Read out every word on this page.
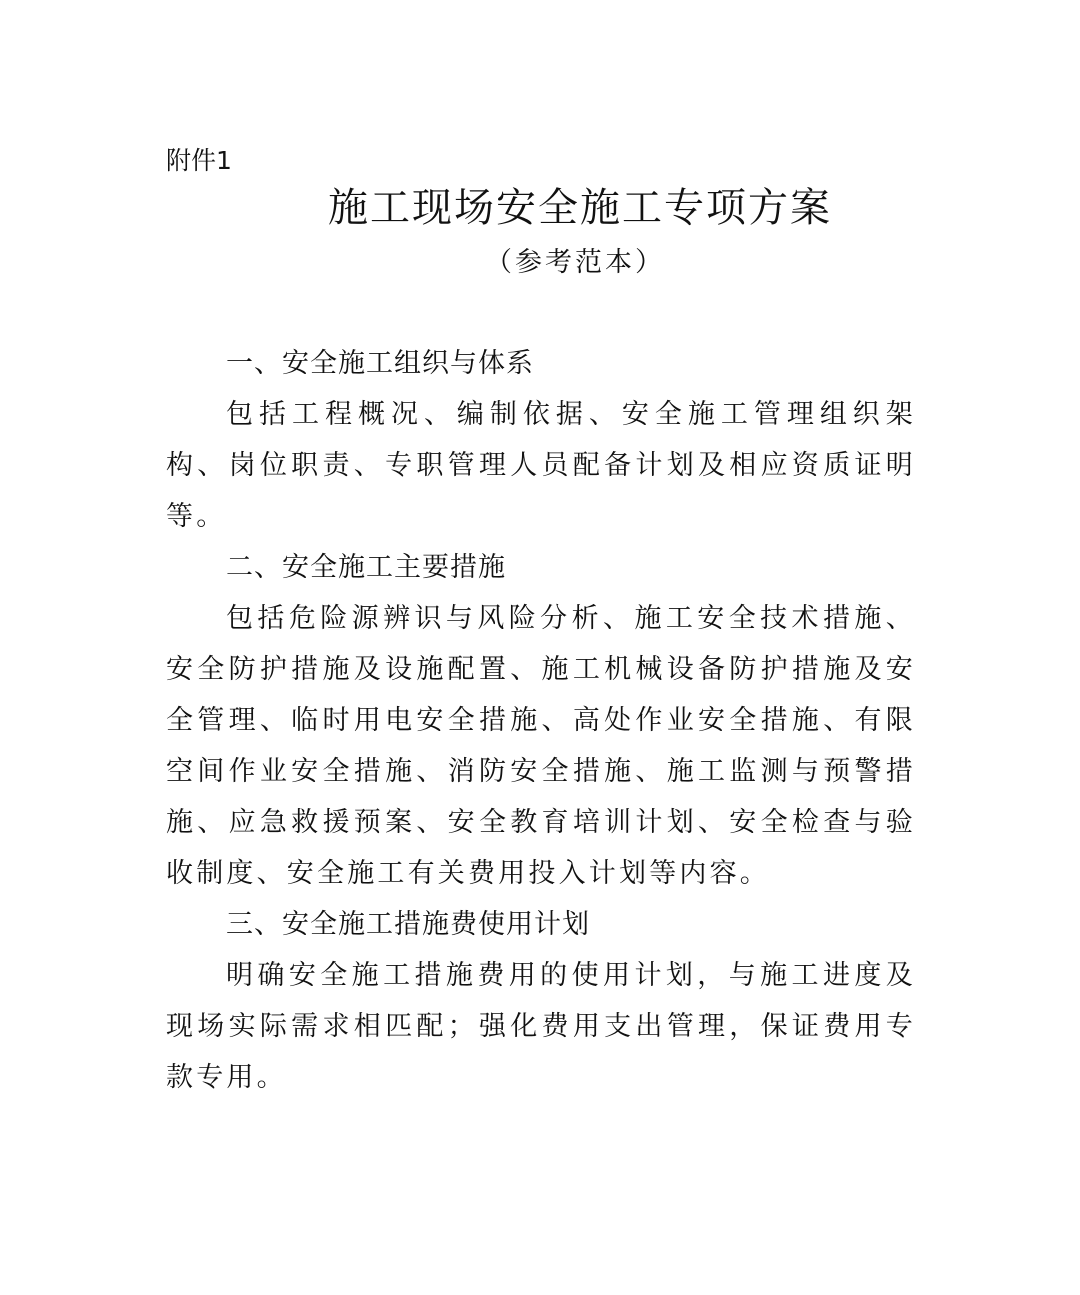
附件1

施工现场安全施工专项方案

（参考范本）

一、安全施工组织与体系

包括工程概况、编制依据、安全施工管理组织架构、岗位职责、专职管理人员配备计划及相应资质证明等。

二、安全施工主要措施

包括危险源辨识与风险分析、施工安全技术措施、安全防护措施及设施配置、施工机械设备防护措施及安全管理、临时用电安全措施、高处作业安全措施、有限空间作业安全措施、消防安全措施、施工监测与预警措施、应急救援预案、安全教育培训计划、安全检查与验收制度、安全施工有关费用投入计划等内容。

三、安全施工措施费使用计划

明确安全施工措施费用的使用计划，与施工进度及现场实际需求相匹配；强化费用支出管理，保证费用专款专用。
